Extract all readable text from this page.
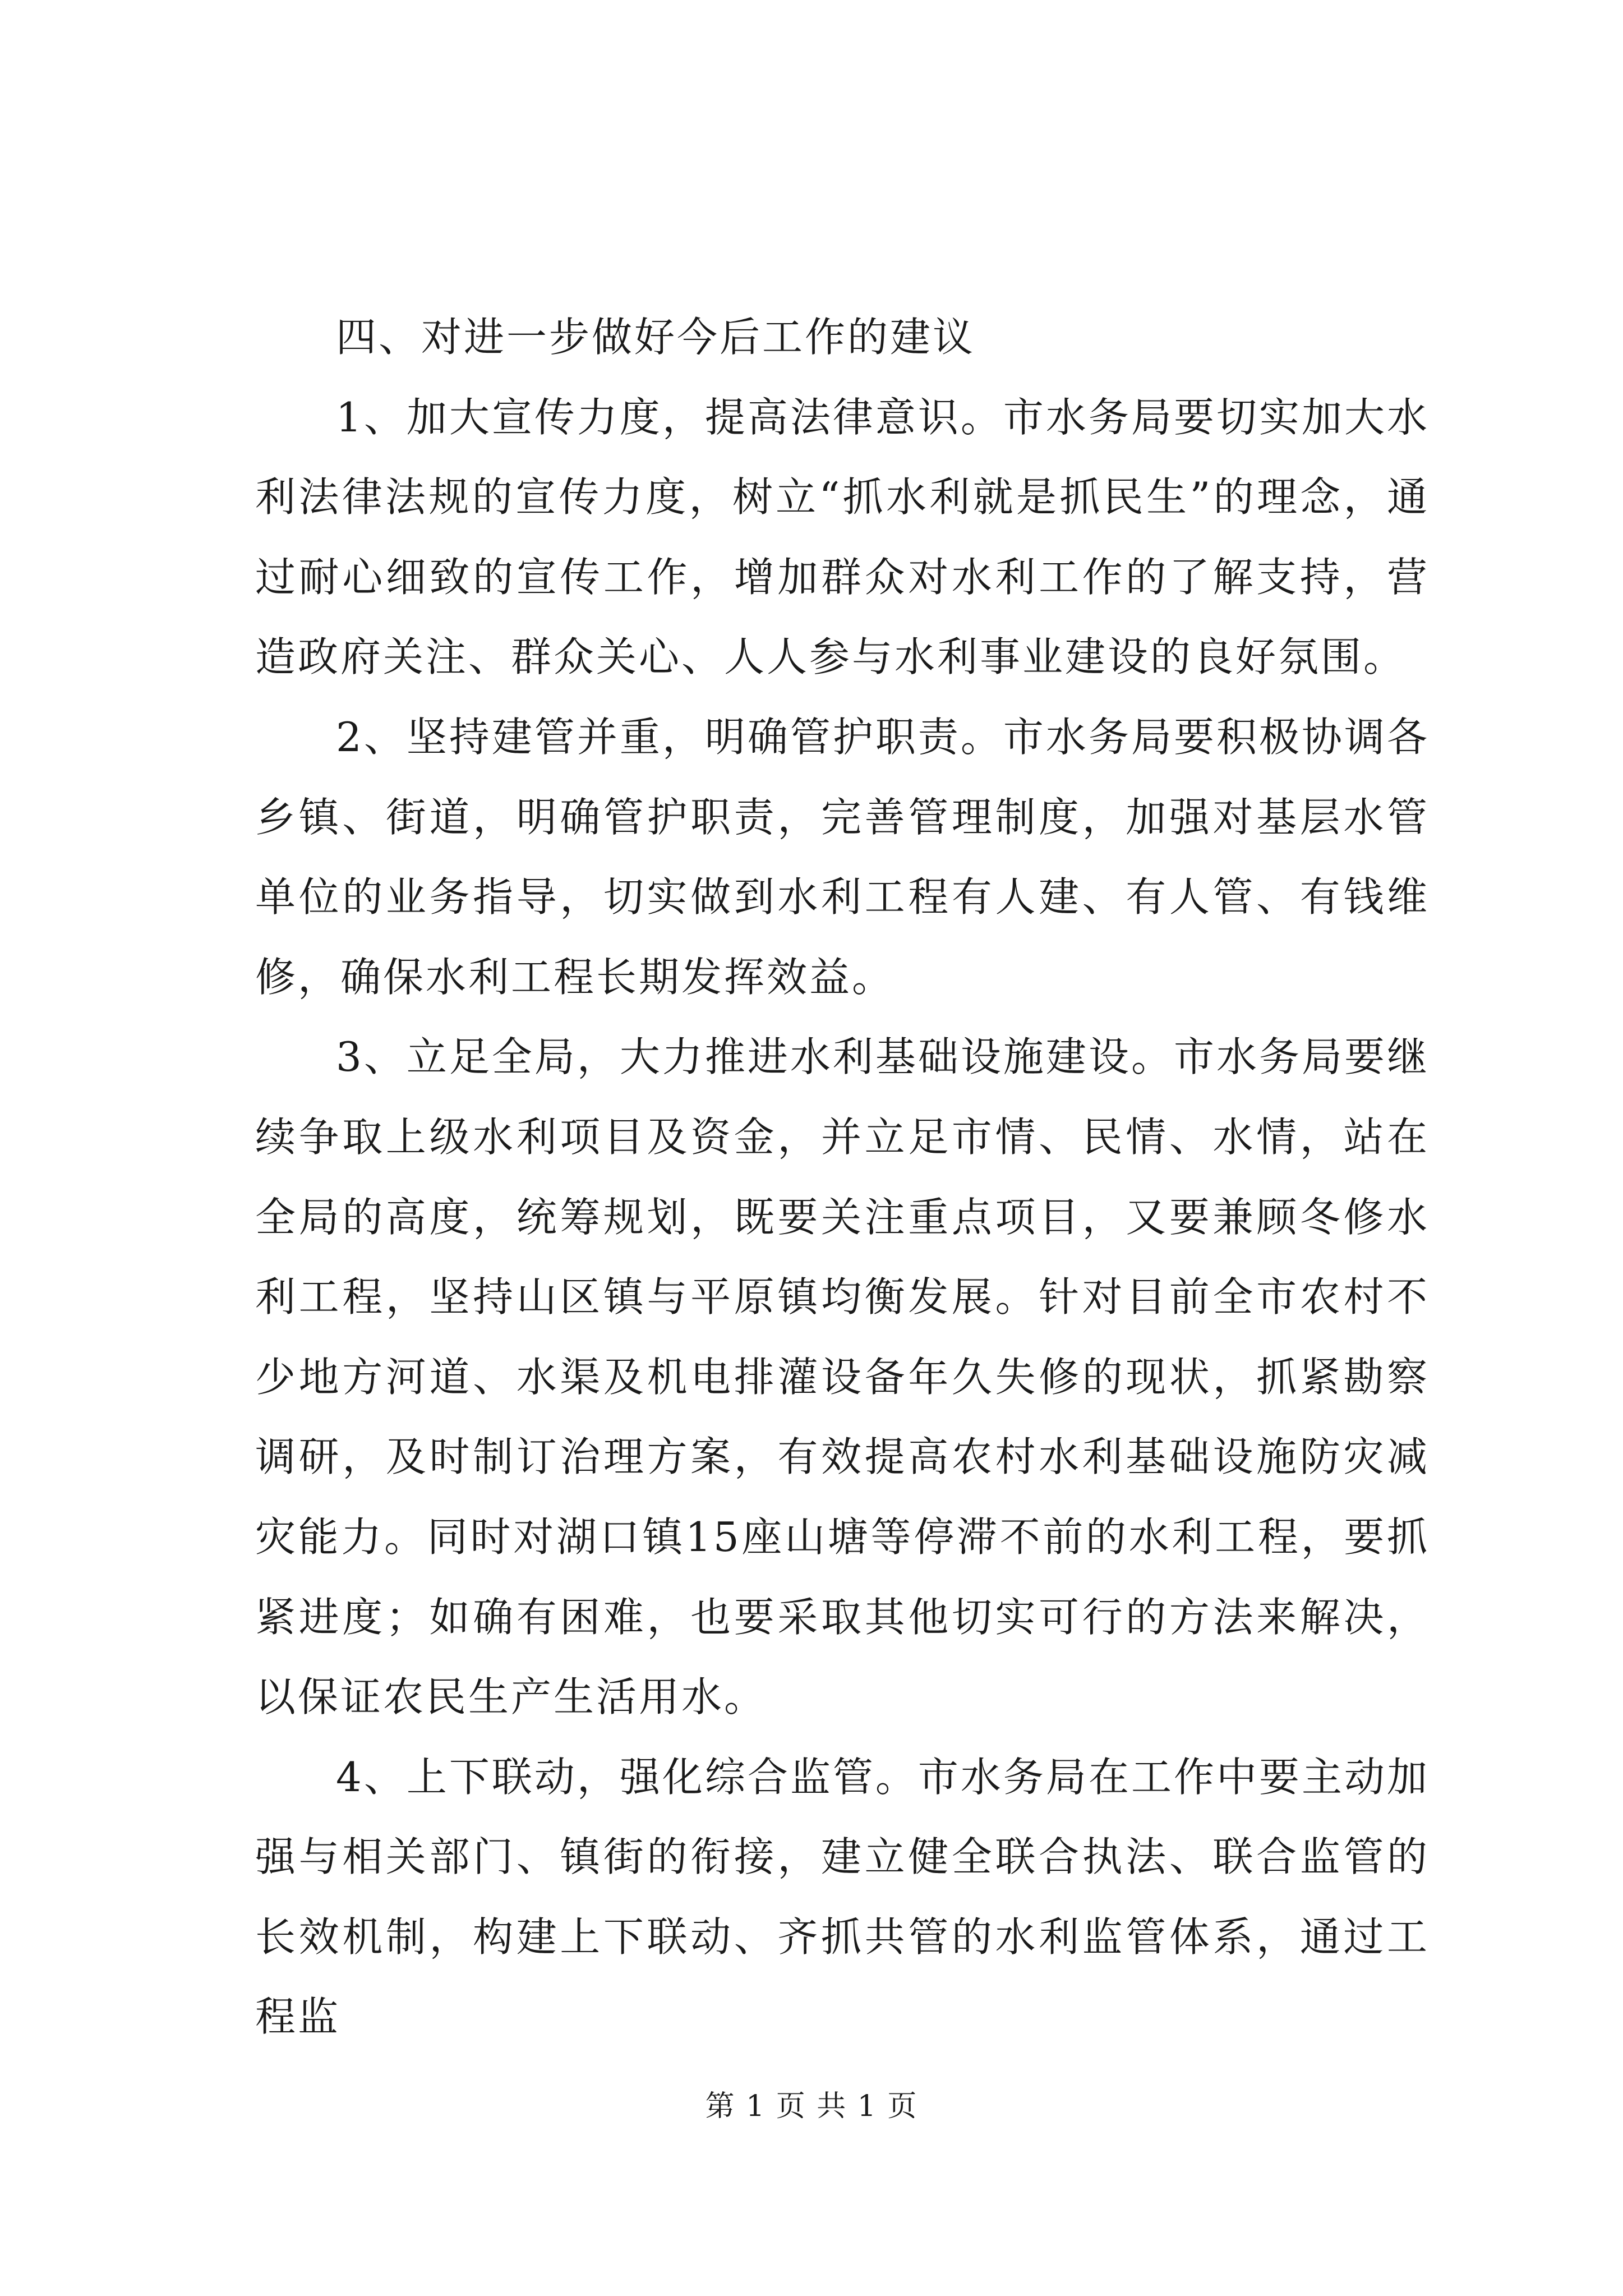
四、对进一步做好今后工作的建议

1、加大宣传力度，提高法律意识。市水务局要切实加大水利法律法规的宣传力度，树立“抓水利就是抓民生”的理念，通过耐心细致的宣传工作，增加群众对水利工作的了解支持，营造政府关注、群众关心、人人参与水利事业建设的良好氛围。

2、坚持建管并重，明确管护职责。市水务局要积极协调各乡镇、街道，明确管护职责，完善管理制度，加强对基层水管单位的业务指导，切实做到水利工程有人建、有人管、有钱维修，确保水利工程长期发挥效益。

3、立足全局，大力推进水利基础设施建设。市水务局要继续争取上级水利项目及资金，并立足市情、民情、水情，站在全局的高度，统筹规划，既要关注重点项目，又要兼顾冬修水利工程，坚持山区镇与平原镇均衡发展。针对目前全市农村不少地方河道、水渠及机电排灌设备年久失修的现状，抓紧勘察调研，及时制订治理方案，有效提高农村水利基础设施防灾减灾能力。同时对湖口镇15座山塘等停滞不前的水利工程，要抓紧进度；如确有困难，也要采取其他切实可行的方法来解决，以保证农民生产生活用水。

4、上下联动，强化综合监管。市水务局在工作中要主动加强与相关部门、镇街的衔接，建立健全联合执法、联合监管的长效机制，构建上下联动、齐抓共管的水利监管体系，通过工程监

第 1 页 共 1 页
